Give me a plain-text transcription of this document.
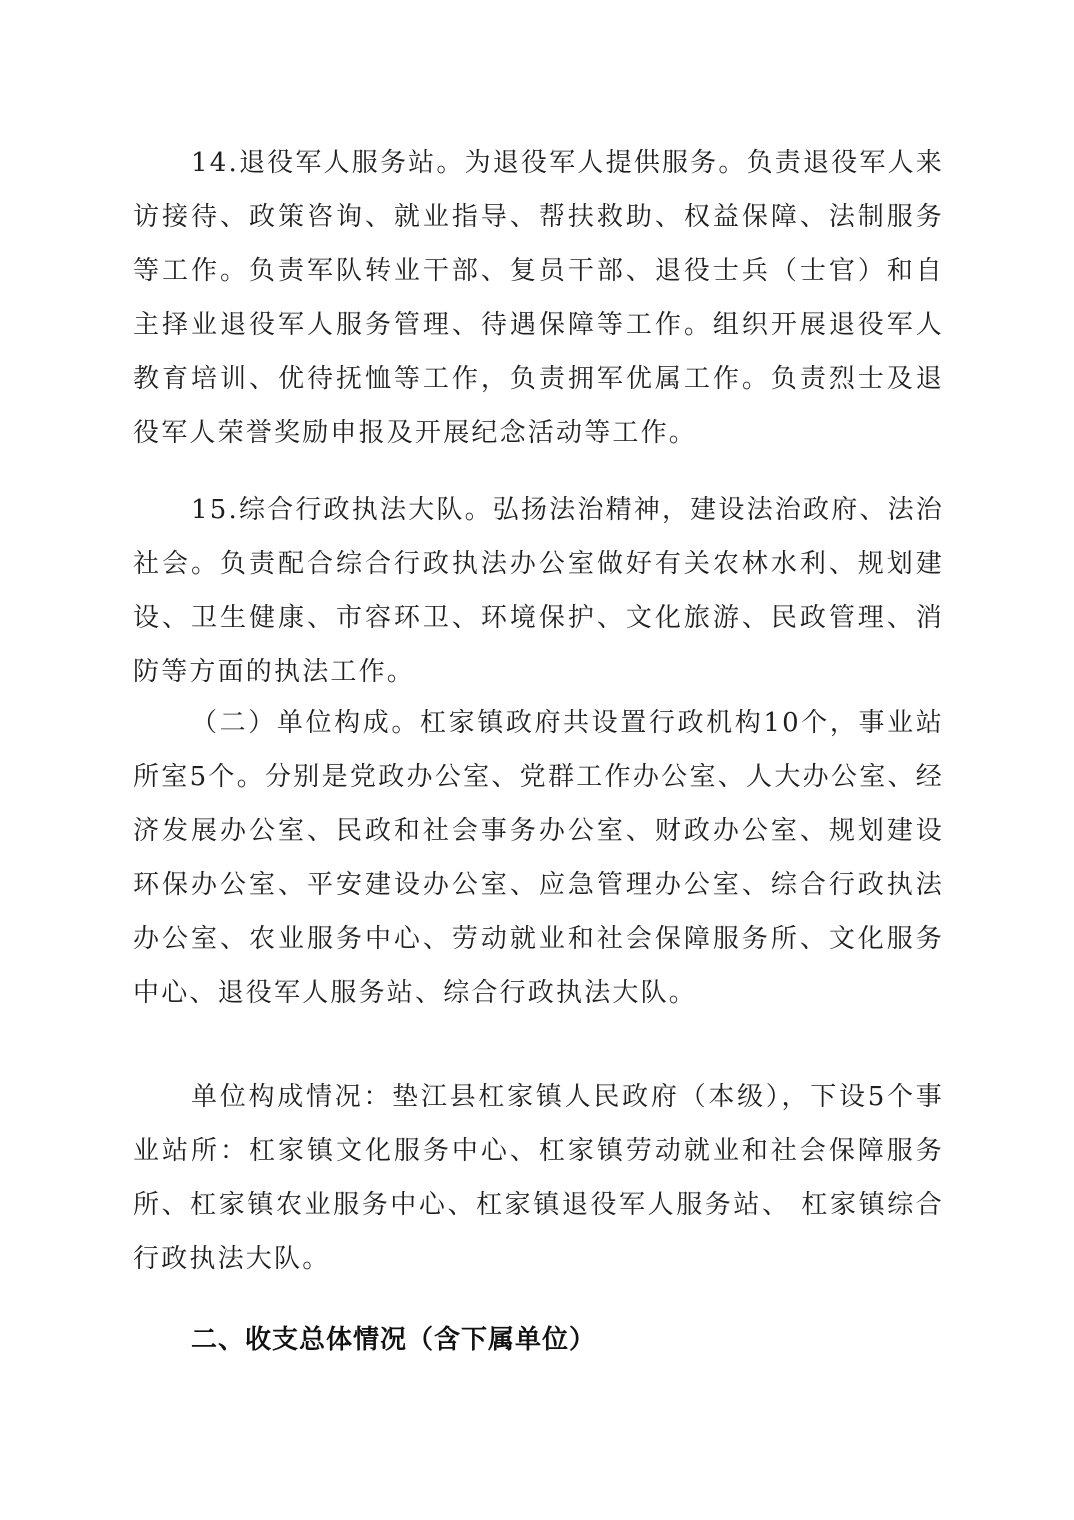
14.退役军人服务站。为退役军人提供服务。负责退役军人来访接待、政策咨询、就业指导、帮扶救助、权益保障、法制服务等工作。负责军队转业干部、复员干部、退役士兵（士官）和自主择业退役军人服务管理、待遇保障等工作。组织开展退役军人教育培训、优待抚恤等工作，负责拥军优属工作。负责烈士及退役军人荣誉奖励申报及开展纪念活动等工作。

15.综合行政执法大队。弘扬法治精神，建设法治政府、法治社会。负责配合综合行政执法办公室做好有关农林水利、规划建设、卫生健康、市容环卫、环境保护、文化旅游、民政管理、消防等方面的执法工作。

（二）单位构成。杠家镇政府共设置行政机构10个，事业站所室5个。分别是党政办公室、党群工作办公室、人大办公室、经济发展办公室、民政和社会事务办公室、财政办公室、规划建设环保办公室、平安建设办公室、应急管理办公室、综合行政执法办公室、农业服务中心、劳动就业和社会保障服务所、文化服务中心、退役军人服务站、综合行政执法大队。

单位构成情况：垫江县杠家镇人民政府（本级），下设5个事业站所：杠家镇文化服务中心、杠家镇劳动就业和社会保障服务所、杠家镇农业服务中心、杠家镇退役军人服务站、 杠家镇综合行政执法大队。

二、收支总体情况（含下属单位）
